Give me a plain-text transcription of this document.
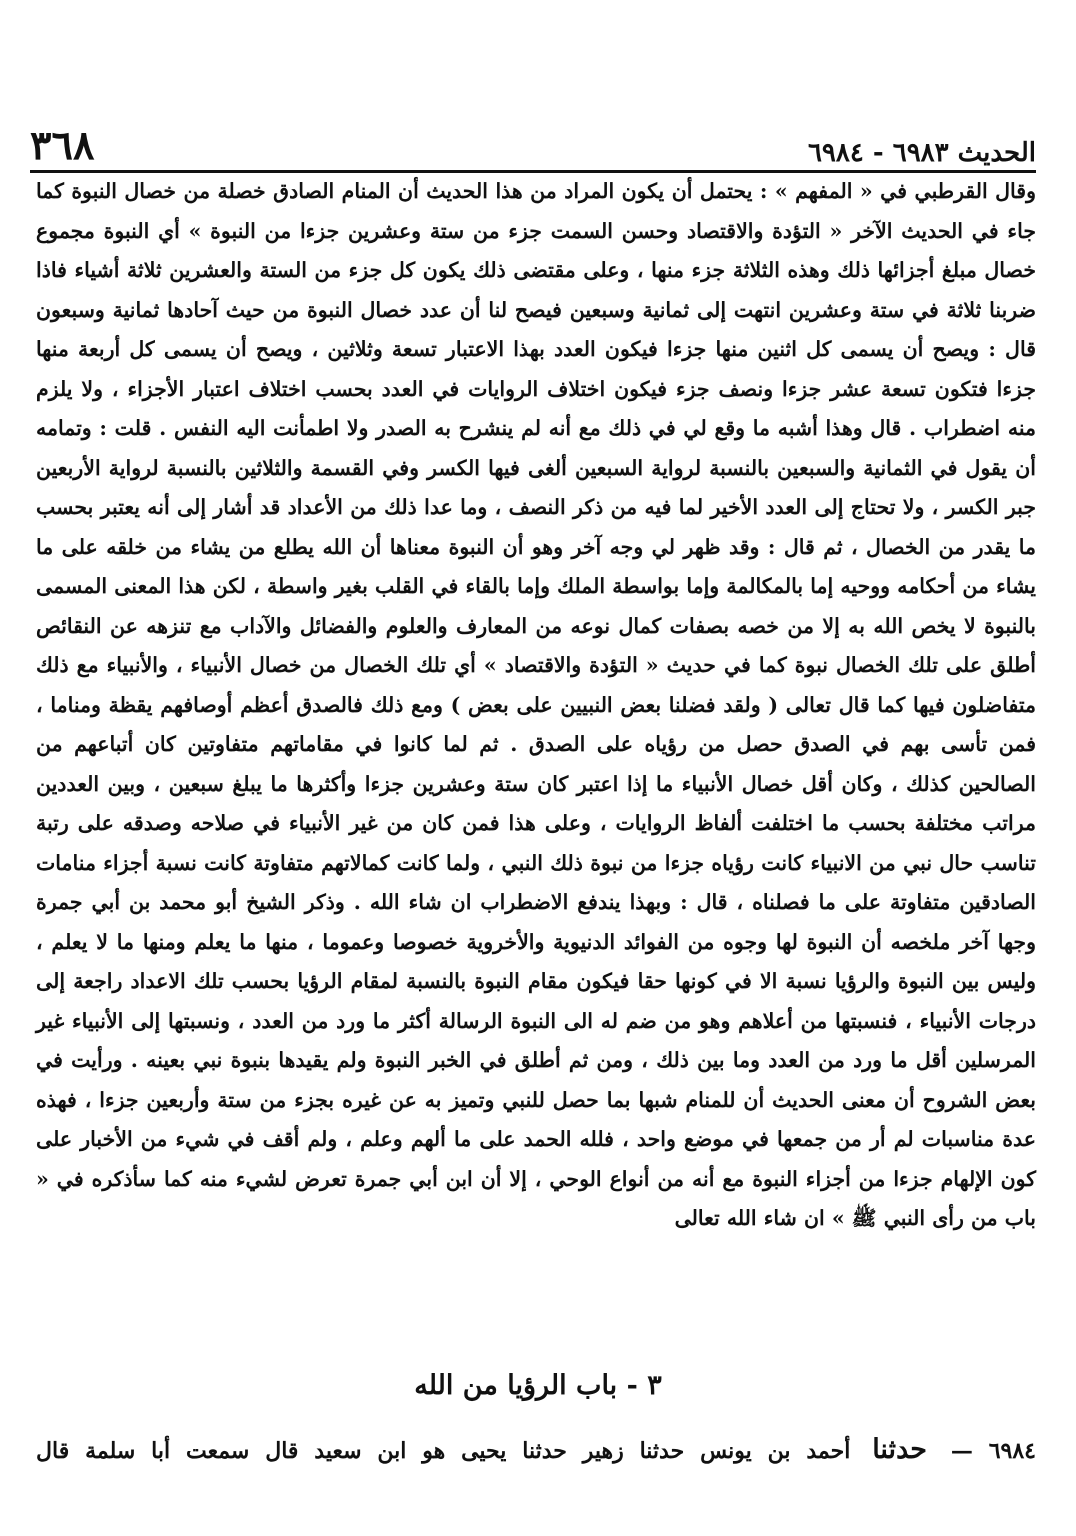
٣٦٨	الحديث ٦٩٨٣ - ٦٩٨٤

وقال القرطبي في « المفهم » : يحتمل أن يكون المراد من هذا الحديث أن المنام الصادق خصلة من خصال النبوة كما جاء في الحديث الآخر « التؤدة والاقتصاد وحسن السمت جزء من ستة وعشرين جزءا من النبوة » أي النبوة مجموع خصال مبلغ أجزائها ذلك وهذه الثلاثة جزء منها ، وعلى مقتضى ذلك يكون كل جزء من الستة والعشرين ثلاثة أشياء فاذا ضربنا ثلاثة في ستة وعشرين انتهت إلى ثمانية وسبعين فيصح لنا أن عدد خصال النبوة من حيث آحادها ثمانية وسبعون قال : ويصح أن يسمى كل اثنين منها جزءا فيكون العدد بهذا الاعتبار تسعة وثلاثين ، ويصح أن يسمى كل أربعة منها جزءا فتكون تسعة عشر جزءا ونصف جزء فيكون اختلاف الروايات في العدد بحسب اختلاف اعتبار الأجزاء ، ولا يلزم منه اضطراب . قال وهذا أشبه ما وقع لي في ذلك مع أنه لم ينشرح به الصدر ولا اطمأنت اليه النفس . قلت : وتمامه أن يقول في الثمانية والسبعين بالنسبة لرواية السبعين ألغى فيها الكسر وفي القسمة والثلاثين بالنسبة لرواية الأربعين جبر الكسر ، ولا تحتاج إلى العدد الأخير لما فيه من ذكر النصف ، وما عدا ذلك من الأعداد قد أشار إلى أنه يعتبر بحسب ما يقدر من الخصال ، ثم قال : وقد ظهر لي وجه آخر وهو أن النبوة معناها أن الله يطلع من يشاء من خلقه على ما يشاء من أحكامه ووحيه إما بالمكالمة وإما بواسطة الملك وإما بالقاء في القلب بغير واسطة ، لكن هذا المعنى المسمى بالنبوة لا يخص الله به إلا من خصه بصفات كمال نوعه من المعارف والعلوم والفضائل والآداب مع تنزهه عن النقائص أطلق على تلك الخصال نبوة كما في حديث « التؤدة والاقتصاد » أي تلك الخصال من خصال الأنبياء ، والأنبياء مع ذلك متفاضلون فيها كما قال تعالى ( ولقد فضلنا بعض النبيين على بعض ) ومع ذلك فالصدق أعظم أوصافهم يقظة ومناما ، فمن تأسى بهم في الصدق حصل من رؤياه على الصدق . ثم لما كانوا في مقاماتهم متفاوتين كان أتباعهم من الصالحين كذلك ، وكان أقل خصال الأنبياء ما إذا اعتبر كان ستة وعشرين جزءا وأكثرها ما يبلغ سبعين ، وبين العددين مراتب مختلفة بحسب ما اختلفت ألفاظ الروايات ، وعلى هذا فمن كان من غير الأنبياء في صلاحه وصدقه على رتبة تناسب حال نبي من الانبياء كانت رؤياه جزءا من نبوة ذلك النبي ، ولما كانت كمالاتهم متفاوتة كانت نسبة أجزاء منامات الصادقين متفاوتة على ما فصلناه ، قال : وبهذا يندفع الاضطراب ان شاء الله . وذكر الشيخ أبو محمد بن أبي جمرة وجها آخر ملخصه أن النبوة لها وجوه من الفوائد الدنيوية والأخروية خصوصا وعموما ، منها ما يعلم ومنها ما لا يعلم ، وليس بين النبوة والرؤيا نسبة الا في كونها حقا فيكون مقام النبوة بالنسبة لمقام الرؤيا بحسب تلك الاعداد راجعة إلى درجات الأنبياء ، فنسبتها من أعلاهم وهو من ضم له الى النبوة الرسالة أكثر ما ورد من العدد ، ونسبتها إلى الأنبياء غير المرسلين أقل ما ورد من العدد وما بين ذلك ، ومن ثم أطلق في الخبر النبوة ولم يقيدها بنبوة نبي بعينه . ورأيت في بعض الشروح أن معنى الحديث أن للمنام شبها بما حصل للنبي وتميز به عن غيره بجزء من ستة وأربعين جزءا ، فهذه عدة مناسبات لم أر من جمعها في موضع واحد ، فلله الحمد على ما ألهم وعلم ، ولم أقف في شيء من الأخبار على كون الإلهام جزءا من أجزاء النبوة مع أنه من أنواع الوحي ، إلا أن ابن أبي جمرة تعرض لشيء منه كما سأذكره في « باب من رأى النبي ﷺ » ان شاء الله تعالى

٣ - باب الرؤيا من الله
٦٩٨٤ — حدثنا أحمد بن يونس حدثنا زهير حدثنا يحيى هو ابن سعيد قال سمعت أبا سلمة قال
